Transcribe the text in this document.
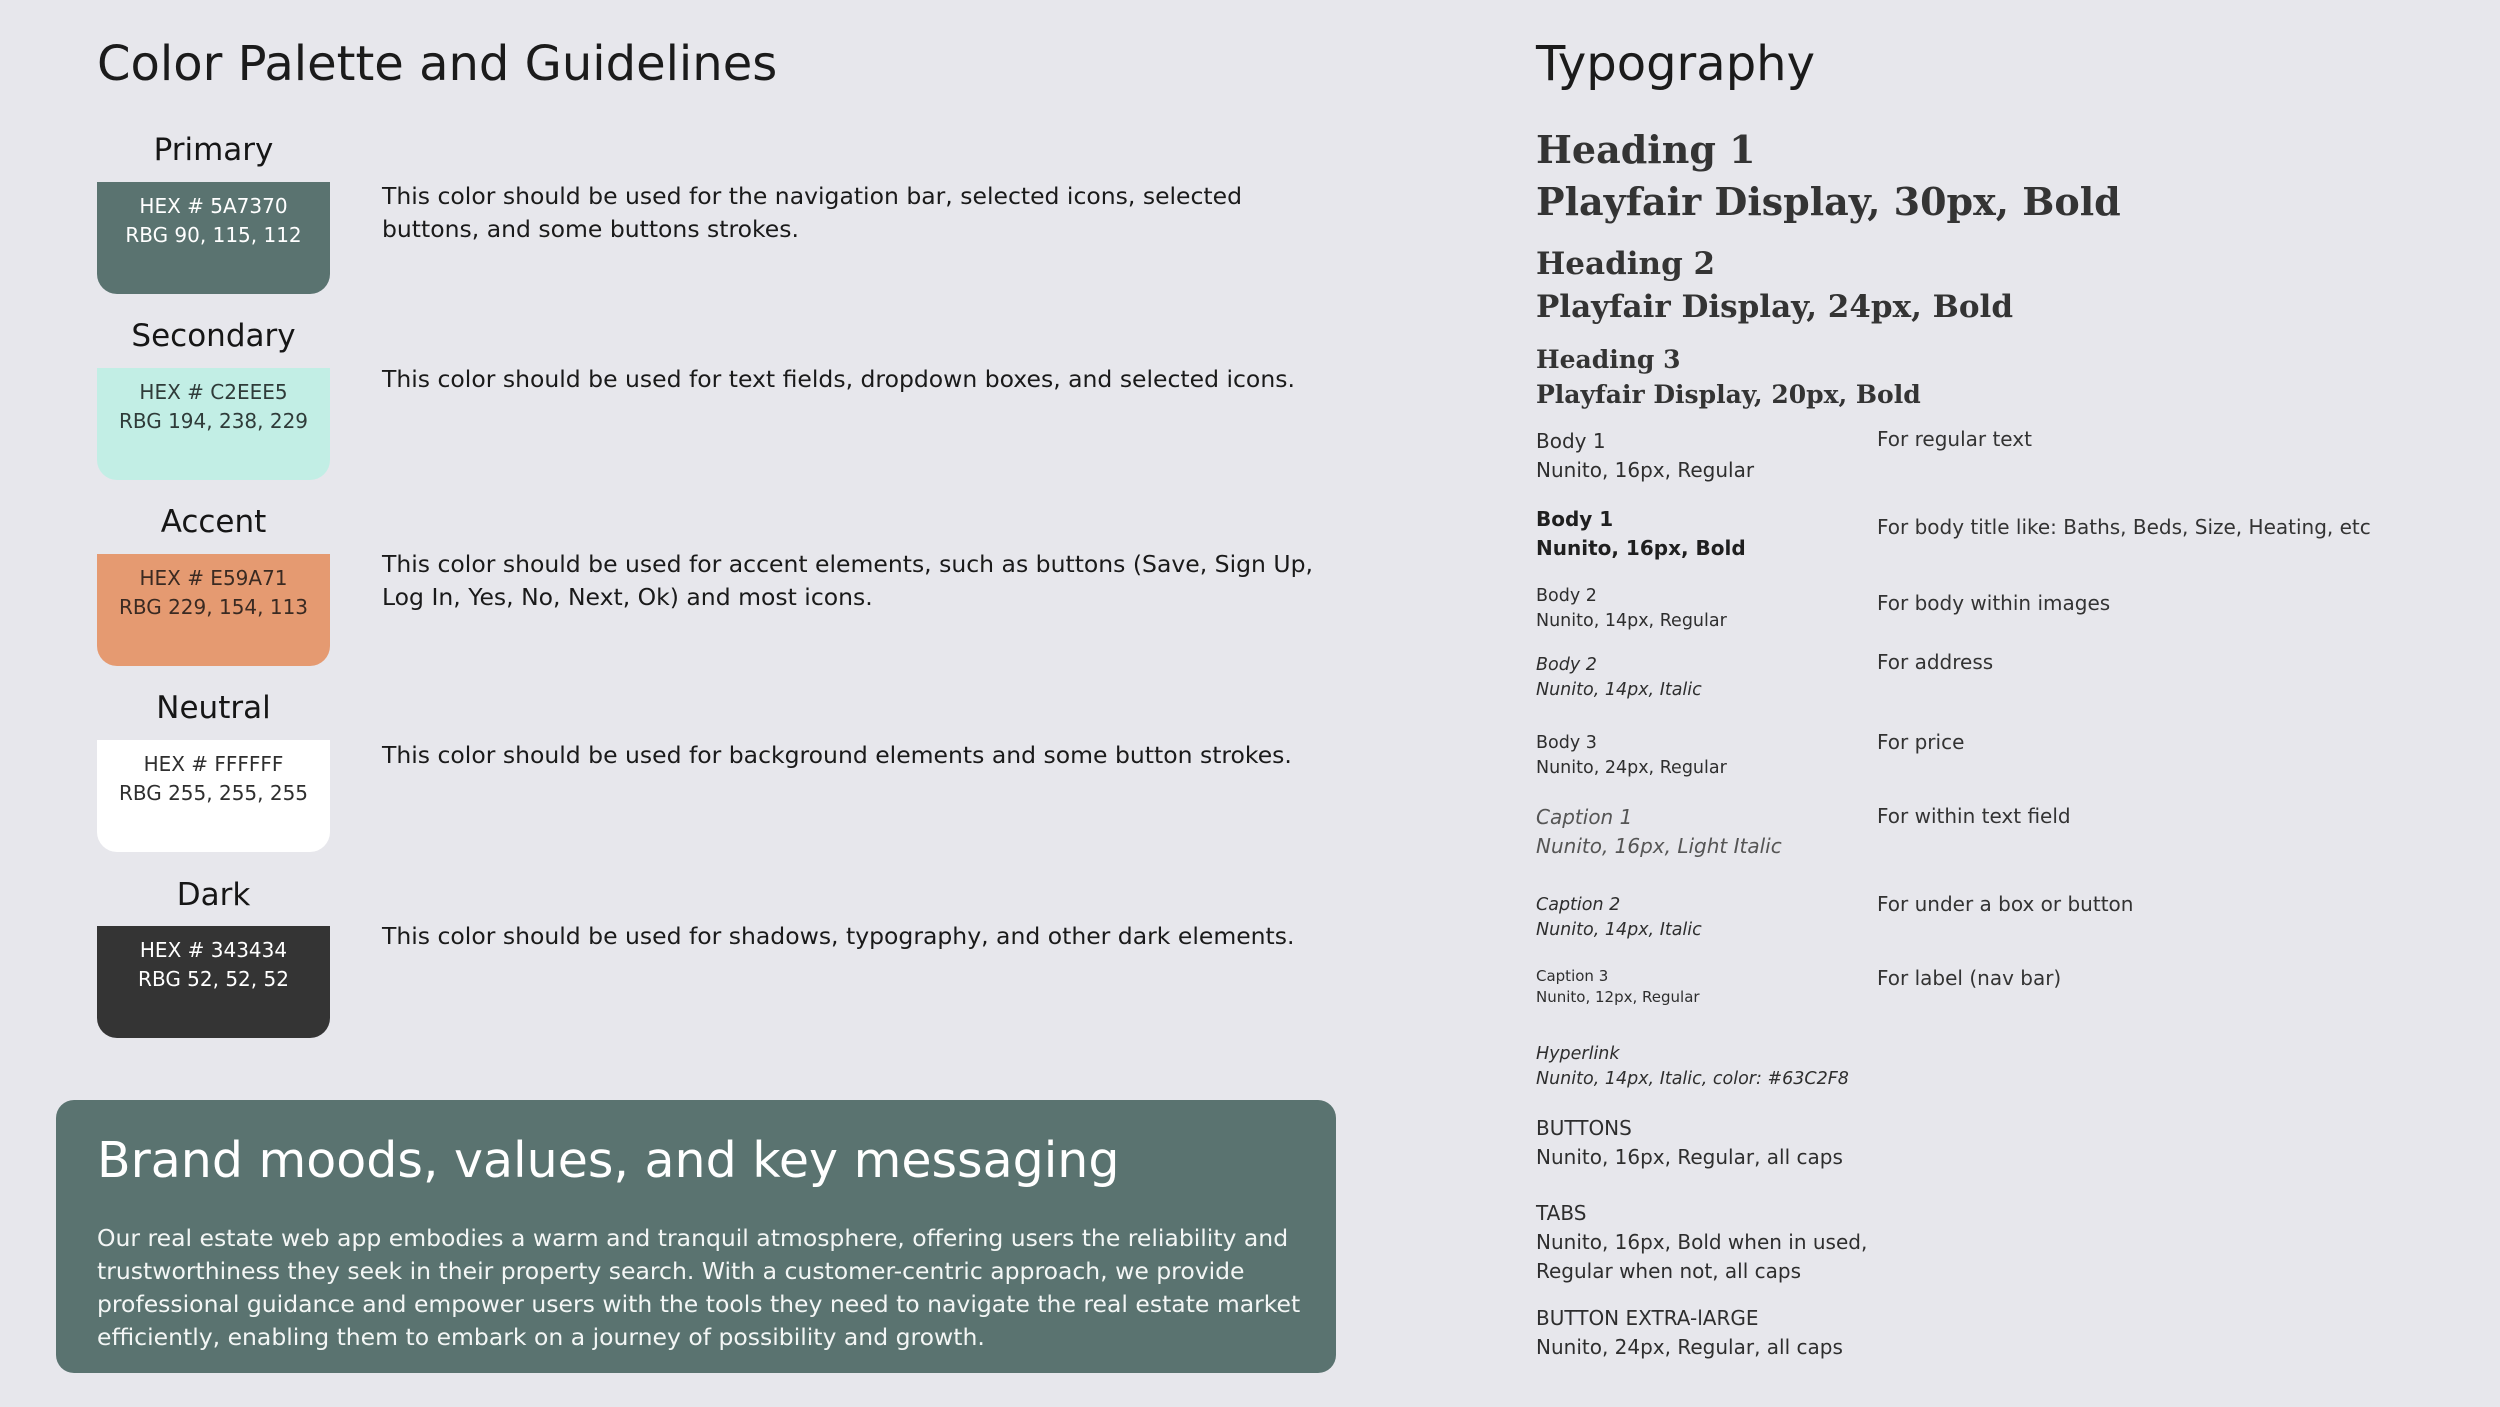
Color Palette and Guidelines
Primary
HEX # 5A7370
RBG 90, 115, 112
This color should be used for the navigation bar, selected icons, selected buttons, and some buttons strokes.
Secondary
HEX # C2EEE5
RBG 194, 238, 229
This color should be used for text fields, dropdown boxes, and selected icons.
Accent
HEX # E59A71
RBG 229, 154, 113
This color should be used for accent elements, such as buttons (Save, Sign Up, Log In, Yes, No, Next, Ok) and most icons.
Neutral
HEX # FFFFFF
RBG 255, 255, 255
This color should be used for background elements and some button strokes.
Dark
HEX # 343434
RBG 52, 52, 52
This color should be used for shadows, typography, and other dark elements.
Brand moods, values, and key messaging
Our real estate web app embodies a warm and tranquil atmosphere, offering users the reliability and trustworthiness they seek in their property search. With a customer-centric approach, we provide professional guidance and empower users with the tools they need to navigate the real estate market efficiently, enabling them to embark on a journey of possibility and growth.
Typography
Heading 1
Playfair Display, 30px, Bold
Heading 2
Playfair Display, 24px, Bold
Heading 3
Playfair Display, 20px, Bold
Body 1
Nunito, 16px, Regular
For regular text
Body 1
Nunito, 16px, Bold
For body title like: Baths, Beds, Size, Heating, etc
Body 2
Nunito, 14px, Regular
For body within images
Body 2
Nunito, 14px, Italic
For address
Body 3
Nunito, 24px, Regular
For price
Caption 1
Nunito, 16px, Light Italic
For within text field
Caption 2
Nunito, 14px, Italic
For under a box or button
Caption 3
Nunito, 12px, Regular
For label (nav bar)
Hyperlink
Nunito, 14px, Italic, color: #63C2F8
BUTTONS
Nunito, 16px, Regular, all caps
TABS
Nunito, 16px, Bold when in used,
Regular when not, all caps
BUTTON EXTRA-lARGE
Nunito, 24px, Regular, all caps
